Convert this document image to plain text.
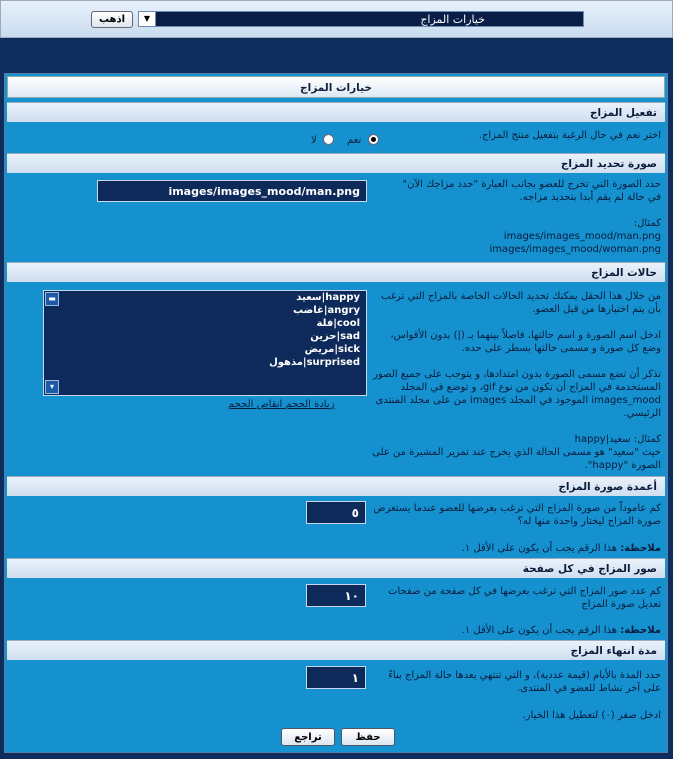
خيارات المزاج
▼
اذهب
خيارات المزاج
تفعيل المزاج

اختر نعم في حال الرغبة بتفعيل منتج المزاج.

نعم  لا
صورة تحديد المزاج

حدد الصورة التي تخرج للعضو بجانب العبارة "حدد مزاجك الآن"

في حالة لم يقم أبدا بتحديد مزاجه.

كمثال:

images/images_mood/man.png

images/images_mood/woman.png

images/images_mood/man.png
حالات المزاج

من خلال هذا الحقل يمكنك تحديد الحالات الخاصة بالمزاج التي ترغب بأن يتم اختيارها من قبل العضو.

ادخل اسم الصورة و اسم حالتها، فاصلاً بينهما بـ (|) بدون الأقواس، وضع كل صورة و مسمى حالتها بسطر على حده.

تذكر أن تضع مسمى الصورة بدون امتدادها، و يتوجب على جميع الصور المستخدمة في المزاج أن تكون من نوع gif، و توضع في المجلد images_mood الموجود في المجلد images من على مجلد المنتدى الرئيسي.

كمثال: سعيد|happy

حيث "سعيد" هو مسمى الحالة الذي يخرج عند تمرير المشيرة من على الصورة "happy".

سعيد|happy
غاضب|angry
فلة|cool
حزين|sad
مريض|sick
مذهول|surprised
▬
▾
زيادة الحجم انقاص الحجم
أعمدة صورة المزاج

كم عاموداً من صورة المزاج التي ترغب بعرضها للعضو عندما يستعرض صورة المزاج ليختار واحدة منها له؟

ملاحظة: هذا الرقم يجب أن يكون على الأقل ١.
٥
صور المزاج في كل صفحة

كم عدد صور المزاج التي ترغب بعرضها في كل صفحة من صفحات تعديل صورة المزاج

ملاحظة: هذا الرقم يجب أن يكون على الأقل ١.
١٠
مدة انتهاء المزاج

حدد المدة بالأيام (قيمة عددية)، و التي تنتهي بعدها حالة المزاج بناءً على آخر نشاط للعضو في المنتدى.

ادخل صفر (٠) لتعطيل هذا الخيار.

١
حفظ
تراجع
